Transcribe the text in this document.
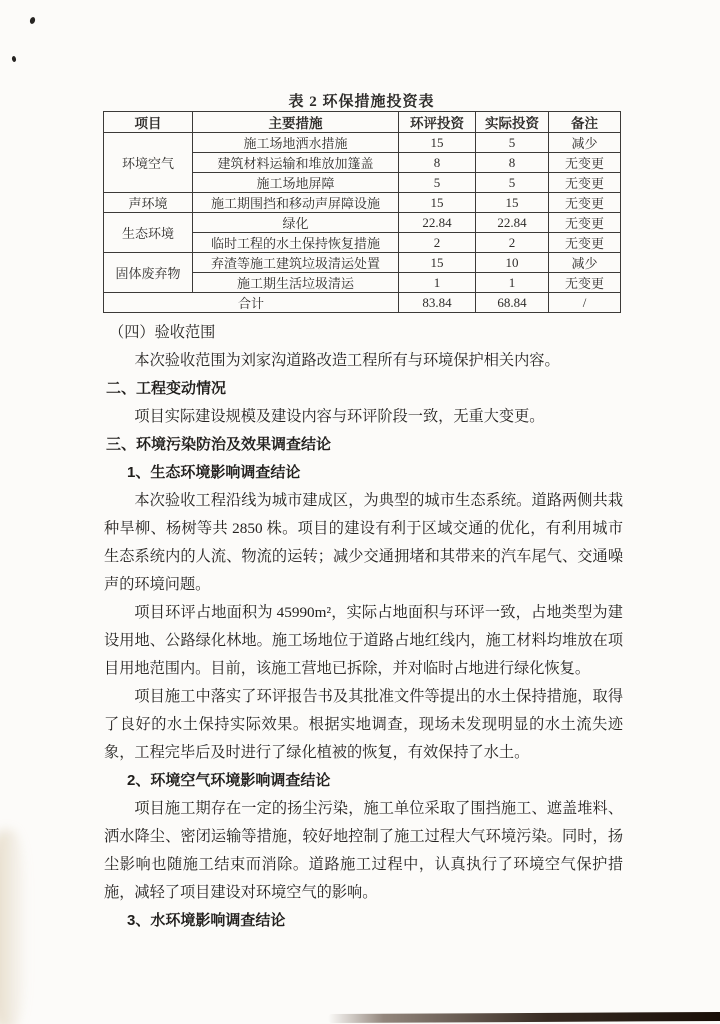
表 2 环保措施投资表
项目	主要措施	环评投资	实际投资	备注
环境空气	施工场地洒水措施	15	5	减少
	建筑材料运输和堆放加篷盖	8	8	无变更
	施工场地屏障	5	5	无变更
声环境	施工期围挡和移动声屏障设施	15	15	无变更
生态环境	绿化	22.84	22.84	无变更
	临时工程的水土保持恢复措施	2	2	无变更
固体废弃物	弃渣等施工建筑垃圾清运处置	15	10	减少
	施工期生活垃圾清运	1	1	无变更
合计		83.84	68.84	/
（四）验收范围
本次验收范围为刘家沟道路改造工程所有与环境保护相关内容。
二、工程变动情况
项目实际建设规模及建设内容与环评阶段一致，无重大变更。
三、环境污染防治及效果调查结论
1、生态环境影响调查结论
本次验收工程沿线为城市建成区，为典型的城市生态系统。道路两侧共栽种旱柳、杨树等共 2850 株。项目的建设有利于区域交通的优化，有利用城市生态系统内的人流、物流的运转；减少交通拥堵和其带来的汽车尾气、交通噪声的环境问题。
项目环评占地面积为 45990m²，实际占地面积与环评一致，占地类型为建设用地、公路绿化林地。施工场地位于道路占地红线内，施工材料均堆放在项目用地范围内。目前，该施工营地已拆除，并对临时占地进行绿化恢复。
项目施工中落实了环评报告书及其批准文件等提出的水土保持措施，取得了良好的水土保持实际效果。根据实地调查，现场未发现明显的水土流失迹象，工程完毕后及时进行了绿化植被的恢复，有效保持了水土。
2、环境空气环境影响调查结论
项目施工期存在一定的扬尘污染，施工单位采取了围挡施工、遮盖堆料、洒水降尘、密闭运输等措施，较好地控制了施工过程大气环境污染。同时，扬尘影响也随施工结束而消除。道路施工过程中，认真执行了环境空气保护措施，减轻了项目建设对环境空气的影响。
3、水环境影响调查结论
